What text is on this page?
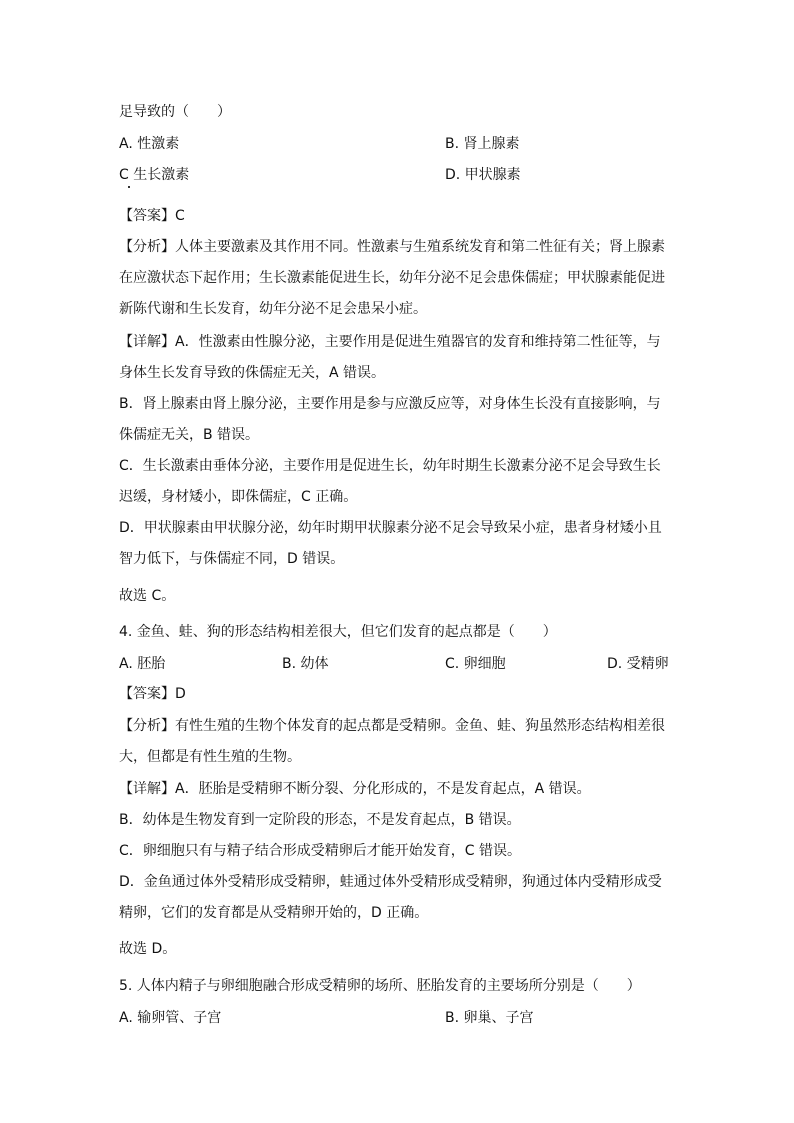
足导致的（　　）
A. 性激素	B. 肾上腺素
C 生长激素	D. 甲状腺素
【答案】C
【分析】人体主要激素及其作用不同。性激素与生殖系统发育和第二性征有关；肾上腺素
在应激状态下起作用；生长激素能促进生长，幼年分泌不足会患侏儒症；甲状腺素能促进
新陈代谢和生长发育，幼年分泌不足会患呆小症。
【详解】A．性激素由性腺分泌，主要作用是促进生殖器官的发育和维持第二性征等，与
身体生长发育导致的侏儒症无关，A 错误。
B．肾上腺素由肾上腺分泌，主要作用是参与应激反应等，对身体生长没有直接影响，与
侏儒症无关，B 错误。
C．生长激素由垂体分泌，主要作用是促进生长，幼年时期生长激素分泌不足会导致生长
迟缓，身材矮小，即侏儒症，C 正确。
D．甲状腺素由甲状腺分泌，幼年时期甲状腺素分泌不足会导致呆小症，患者身材矮小且
智力低下，与侏儒症不同，D 错误。
故选 C。
4. 金鱼、蛙、狗的形态结构相差很大，但它们发育的起点都是（　　）
A. 胚胎	B. 幼体	C. 卵细胞	D. 受精卵
【答案】D
【分析】有性生殖的生物个体发育的起点都是受精卵。金鱼、蛙、狗虽然形态结构相差很
大，但都是有性生殖的生物。
【详解】A．胚胎是受精卵不断分裂、分化形成的，不是发育起点，A 错误。
B．幼体是生物发育到一定阶段的形态，不是发育起点，B 错误。
C．卵细胞只有与精子结合形成受精卵后才能开始发育，C 错误。
D．金鱼通过体外受精形成受精卵，蛙通过体外受精形成受精卵，狗通过体内受精形成受
精卵，它们的发育都是从受精卵开始的，D 正确。
故选 D。
5. 人体内精子与卵细胞融合形成受精卵的场所、胚胎发育的主要场所分别是（　　）
A. 输卵管、子宫	B. 卵巢、子宫
